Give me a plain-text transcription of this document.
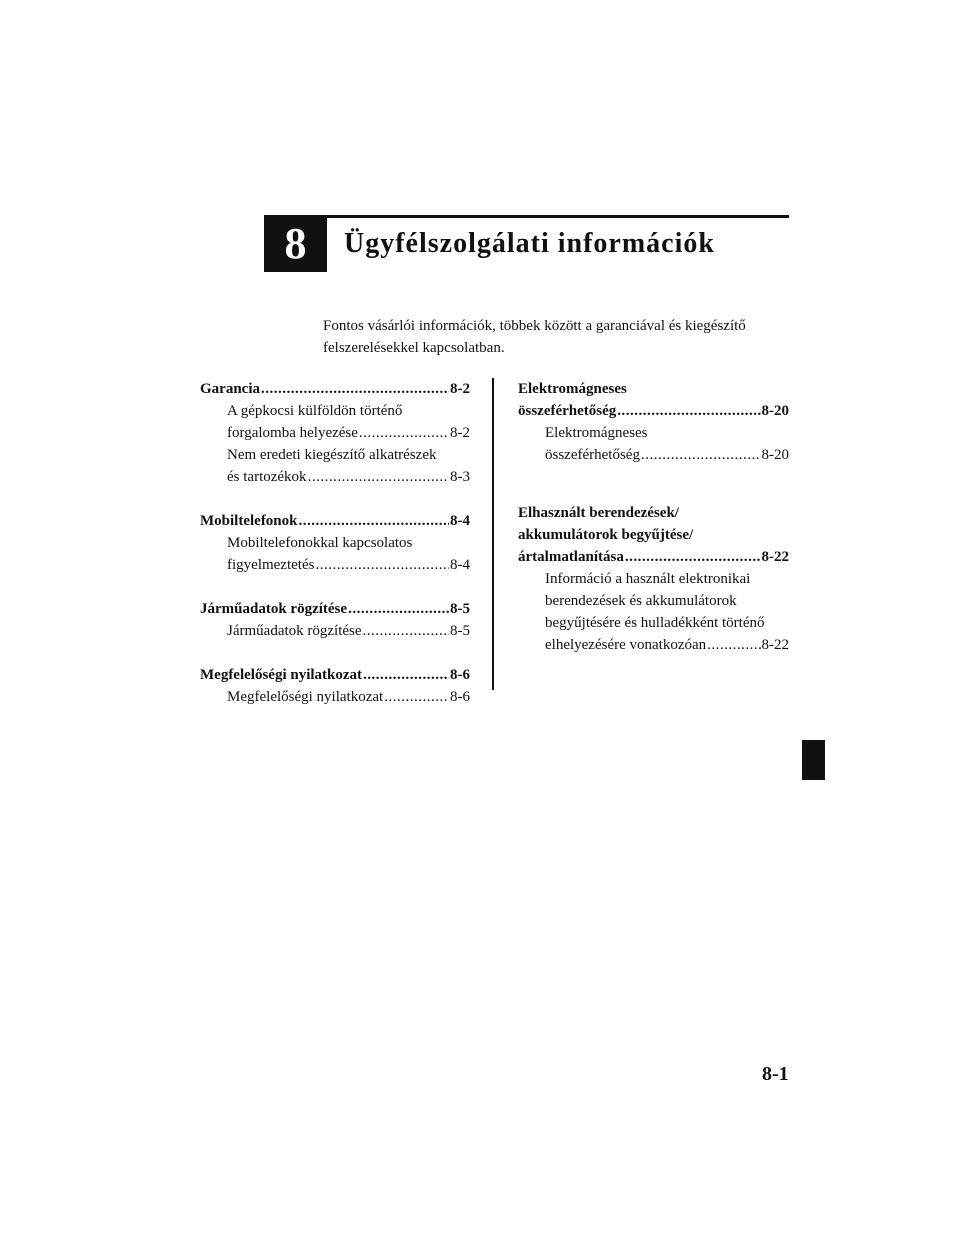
8 Ügyfélszolgálati információk
Fontos vásárlói információk, többek között a garanciával és kiegészítő
felszerelésekkel kapcsolatban.
Garancia .....	8-2
A gépkocsi külföldön történő
forgalomba helyezése .....	8-2
Nem eredeti kiegészítő alkatrészek
és tartozékok .....	8-3
Mobiltelefonok .....	8-4
Mobiltelefonokkal kapcsolatos
figyelmeztetés .....	8-4
Járműadatok rögzítése .....	8-5
Járműadatok rögzítése .....	8-5
Megfelelőségi nyilatkozat .....	8-6
Megfelelőségi nyilatkozat .....	8-6
Elektromágneses
összeférhetőség .....	8-20
Elektromágneses
összeférhetőség .....	8-20
Elhasznált berendezések/
akkumulátorok begyűjtése/
ártalmatlanítása .....	8-22
Információ a használt elektronikai
berendezések és akkumulátorok
begyűjtésére és hulladékként történő
elhelyezésére vonatkozóan .....	8-22
8-1
